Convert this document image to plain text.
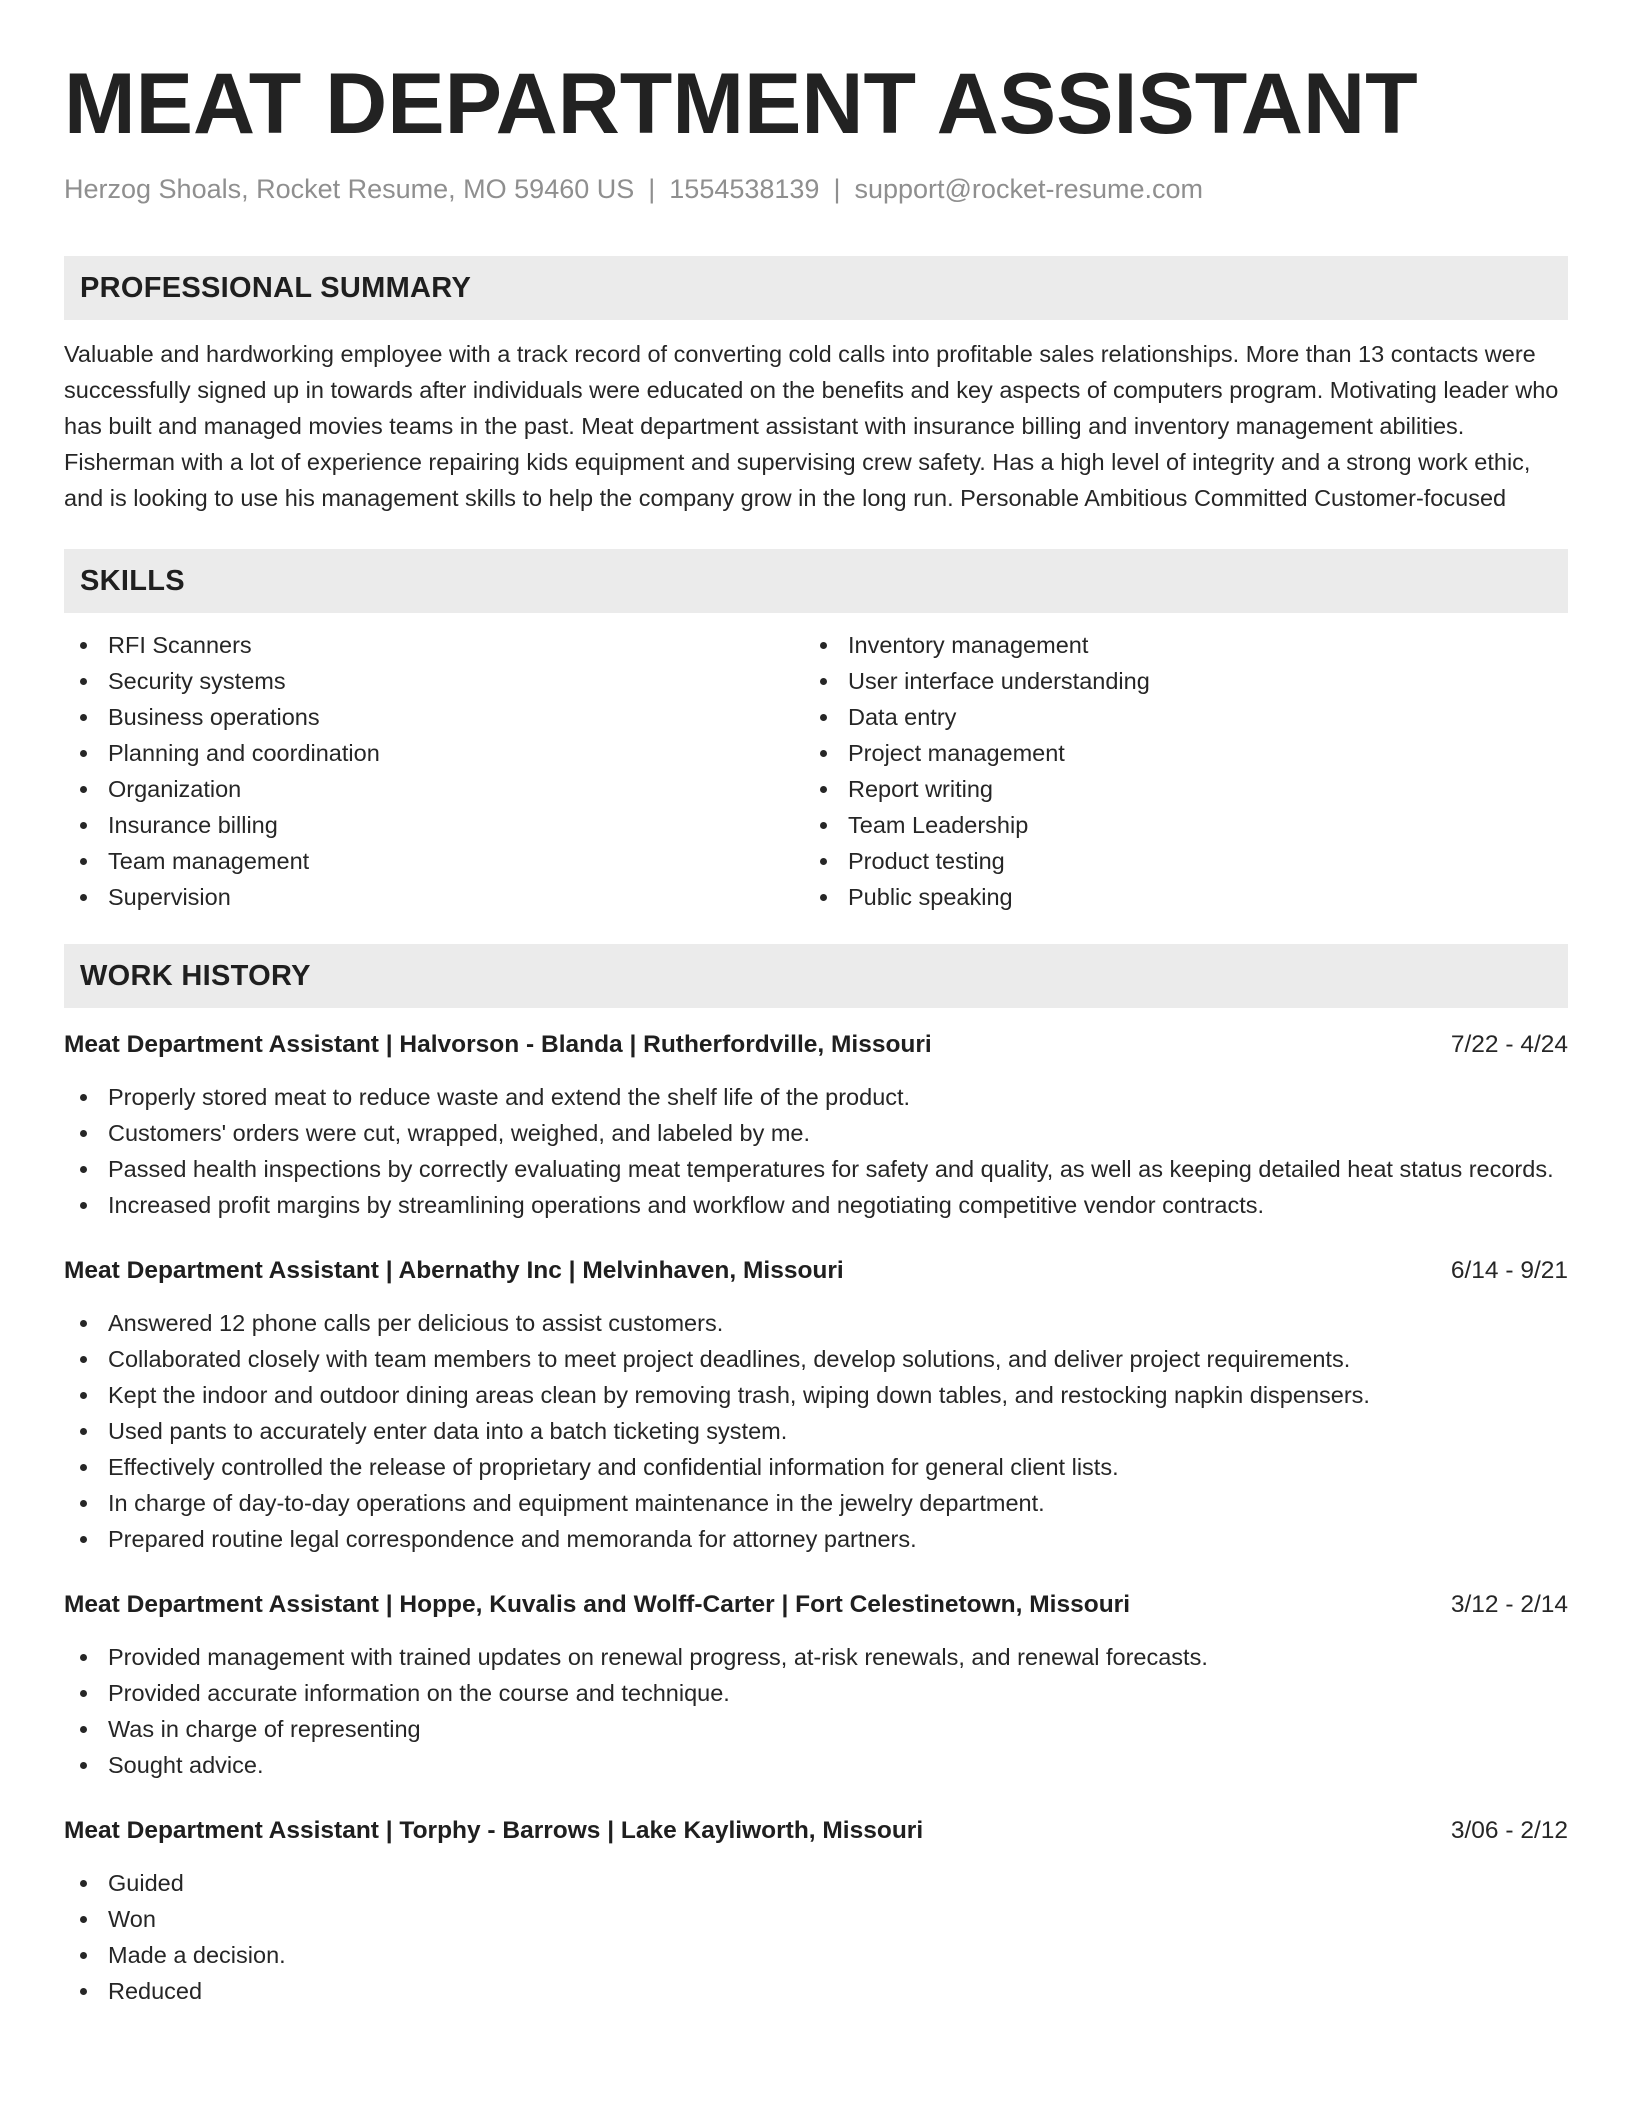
MEAT DEPARTMENT ASSISTANT
Herzog Shoals, Rocket Resume, MO 59460 US | 1554538139 | support@rocket-resume.com
PROFESSIONAL SUMMARY
Valuable and hardworking employee with a track record of converting cold calls into profitable sales relationships. More than 13 contacts were successfully signed up in towards after individuals were educated on the benefits and key aspects of computers program. Motivating leader who has built and managed movies teams in the past. Meat department assistant with insurance billing and inventory management abilities. Fisherman with a lot of experience repairing kids equipment and supervising crew safety. Has a high level of integrity and a strong work ethic, and is looking to use his management skills to help the company grow in the long run. Personable Ambitious Committed Customer-focused
SKILLS
RFI Scanners
Security systems
Business operations
Planning and coordination
Organization
Insurance billing
Team management
Supervision
Inventory management
User interface understanding
Data entry
Project management
Report writing
Team Leadership
Product testing
Public speaking
WORK HISTORY
Meat Department Assistant | Halvorson - Blanda | Rutherfordville, Missouri	7/22 - 4/24
Properly stored meat to reduce waste and extend the shelf life of the product.
Customers' orders were cut, wrapped, weighed, and labeled by me.
Passed health inspections by correctly evaluating meat temperatures for safety and quality, as well as keeping detailed heat status records.
Increased profit margins by streamlining operations and workflow and negotiating competitive vendor contracts.
Meat Department Assistant | Abernathy Inc | Melvinhaven, Missouri	6/14 - 9/21
Answered 12 phone calls per delicious to assist customers.
Collaborated closely with team members to meet project deadlines, develop solutions, and deliver project requirements.
Kept the indoor and outdoor dining areas clean by removing trash, wiping down tables, and restocking napkin dispensers.
Used pants to accurately enter data into a batch ticketing system.
Effectively controlled the release of proprietary and confidential information for general client lists.
In charge of day-to-day operations and equipment maintenance in the jewelry department.
Prepared routine legal correspondence and memoranda for attorney partners.
Meat Department Assistant | Hoppe, Kuvalis and Wolff-Carter | Fort Celestinetown, Missouri	3/12 - 2/14
Provided management with trained updates on renewal progress, at-risk renewals, and renewal forecasts.
Provided accurate information on the course and technique.
Was in charge of representing
Sought advice.
Meat Department Assistant | Torphy - Barrows | Lake Kayliworth, Missouri	3/06 - 2/12
Guided
Won
Made a decision.
Reduced
